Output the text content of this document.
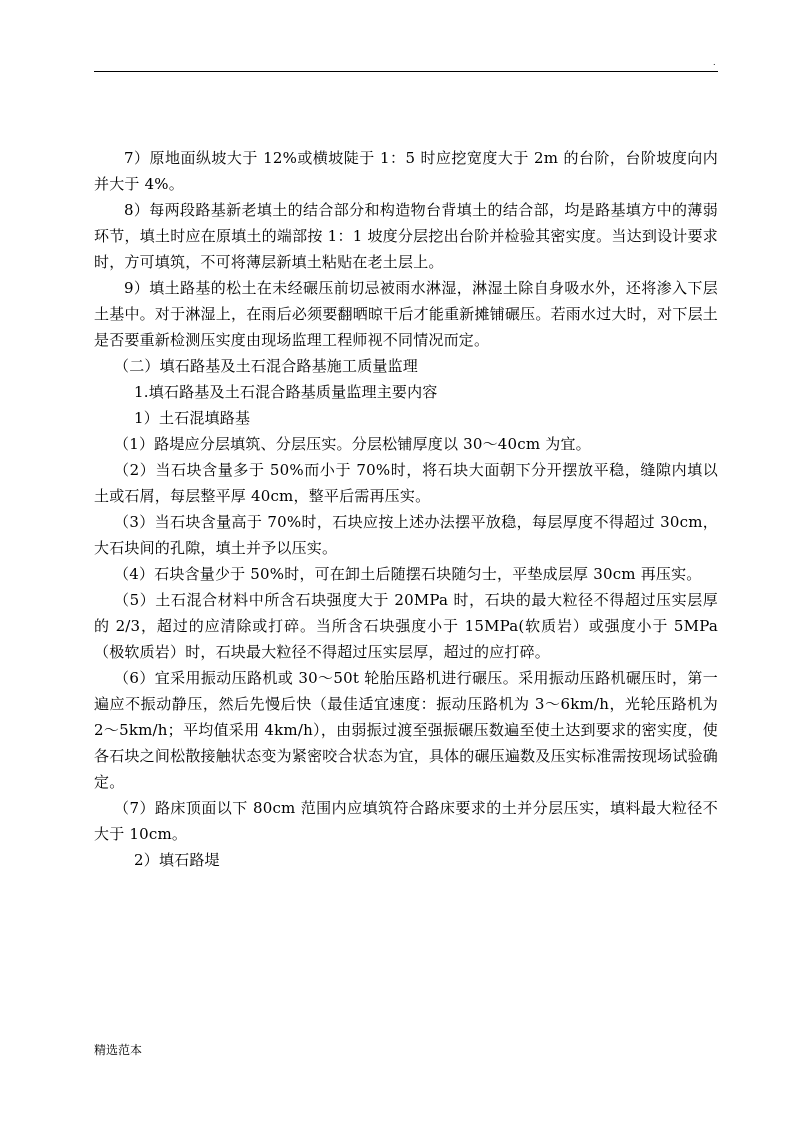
.

7）原地面纵坡大于 12%或横坡陡于 1：5 时应挖宽度大于 2m 的台阶，台阶坡度向内并大于 4%。

8）每两段路基新老填土的结合部分和构造物台背填土的结合部，均是路基填方中的薄弱环节，填土时应在原填土的端部按 1：1 坡度分层挖出台阶并检验其密实度。当达到设计要求时，方可填筑，不可将薄层新填土粘贴在老土层上。

9）填土路基的松土在未经碾压前切忌被雨水淋湿，淋湿土除自身吸水外，还将渗入下层土基中。对于淋湿上，在雨后必须要翻晒晾干后才能重新摊铺碾压。若雨水过大时，对下层土是否要重新检测压实度由现场监理工程师视不同情况而定。

（二）填石路基及土石混合路基施工质量监理

1.填石路基及土石混合路基质量监理主要内容

1）土石混填路基

（1）路堤应分层填筑、分层压实。分层松铺厚度以 30～40cm 为宜。

（2）当石块含量多于 50%而小于 70%时，将石块大面朝下分开摆放平稳，缝隙内填以土或石屑，每层整平厚 40cm，整平后需再压实。

（3）当石块含量高于 70%时，石块应按上述办法摆平放稳，每层厚度不得超过 30cm，大石块间的孔隙，填土并予以压实。

（4）石块含量少于 50%时，可在卸土后随摆石块随匀士，平垫成层厚 30cm 再压实。

（5）土石混合材料中所含石块强度大于 20MPa 时，石块的最大粒径不得超过压实层厚的 2/3，超过的应清除或打碎。当所含石块强度小于 15MPa(软质岩）或强度小于 5MPa（极软质岩）时，石块最大粒径不得超过压实层厚，超过的应打碎。

（6）宜采用振动压路机或 30～50t 轮胎压路机进行碾压。采用振动压路机碾压时，第一遍应不振动静压，然后先慢后快（最佳适宜速度：振动压路机为 3～6km/h，光轮压路机为 2～5km/h；平均值采用 4km/h），由弱振过渡至强振碾压数遍至使土达到要求的密实度，使各石块之间松散接触状态变为紧密咬合状态为宜，具体的碾压遍数及压实标准需按现场试验确定。

（7）路床顶面以下 80cm 范围内应填筑符合路床要求的土并分层压实，填料最大粒径不大于 10cm。

2）填石路堤

精选范本
